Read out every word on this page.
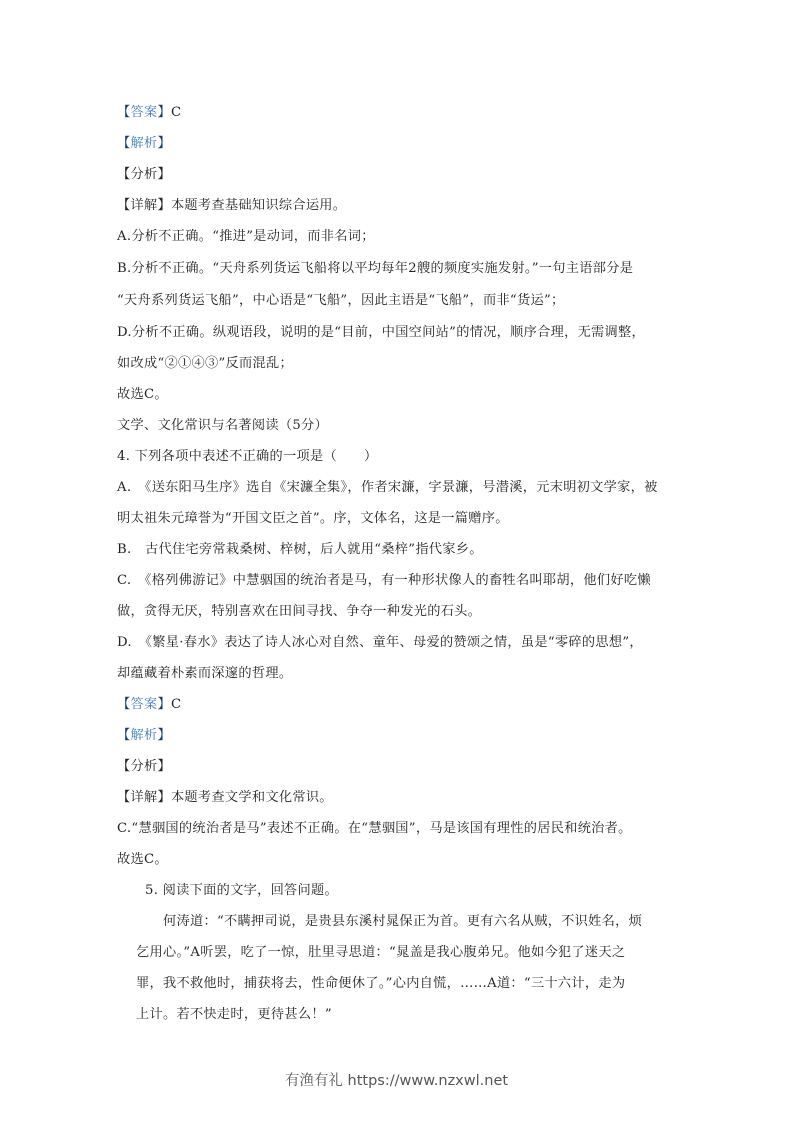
【答案】C
【解析】
【分析】
【详解】本题考查基础知识综合运用。
A.分析不正确。“推进”是动词，而非名词；
B.分析不正确。“天舟系列货运飞船将以平均每年2艘的频度实施发射。”一句主语部分是
“天舟系列货运飞船”，中心语是“飞船”，因此主语是“飞船”，而非“货运”；
D.分析不正确。纵观语段，说明的是“目前，中国空间站”的情况，顺序合理，无需调整，
如改成“②①④③”反而混乱；
故选C。
文学、文化常识与名著阅读（5分）
4. 下列各项中表述不正确的一项是（　　）
A.　《送东阳马生序》选自《宋濂全集》，作者宋濂，字景濂，号潜溪，元末明初文学家，被
明太祖朱元璋誉为“开国文臣之首”。序，文体名，这是一篇赠序。
B.　古代住宅旁常栽桑树、梓树，后人就用“桑梓”指代家乡。
C.　《格列佛游记》中慧骃国的统治者是马，有一种形状像人的畜牲名叫耶胡，他们好吃懒
做，贪得无厌，特别喜欢在田间寻找、争夺一种发光的石头。
D.　《繁星·春水》表达了诗人冰心对自然、童年、母爱的赞颂之情，虽是“零碎的思想”，
却蕴藏着朴素而深邃的哲理。
【答案】C
【解析】
【分析】
【详解】本题考查文学和文化常识。
C.“慧骃国的统治者是马”表述不正确。在“慧骃国”，马是该国有理性的居民和统治者。
故选C。
5. 阅读下面的文字，回答问题。
何涛道：“不瞒押司说，是贵县东溪村晁保正为首。更有六名从贼，不识姓名，烦
乞用心。”A听罢，吃了一惊，肚里寻思道：“晁盖是我心腹弟兄。他如今犯了迷天之
罪，我不救他时，捕获将去，性命便休了。”心内自慌，……A道：“三十六计，走为
上计。若不快走时，更待甚么！”
有渔有礼 https://www.nzxwl.net
